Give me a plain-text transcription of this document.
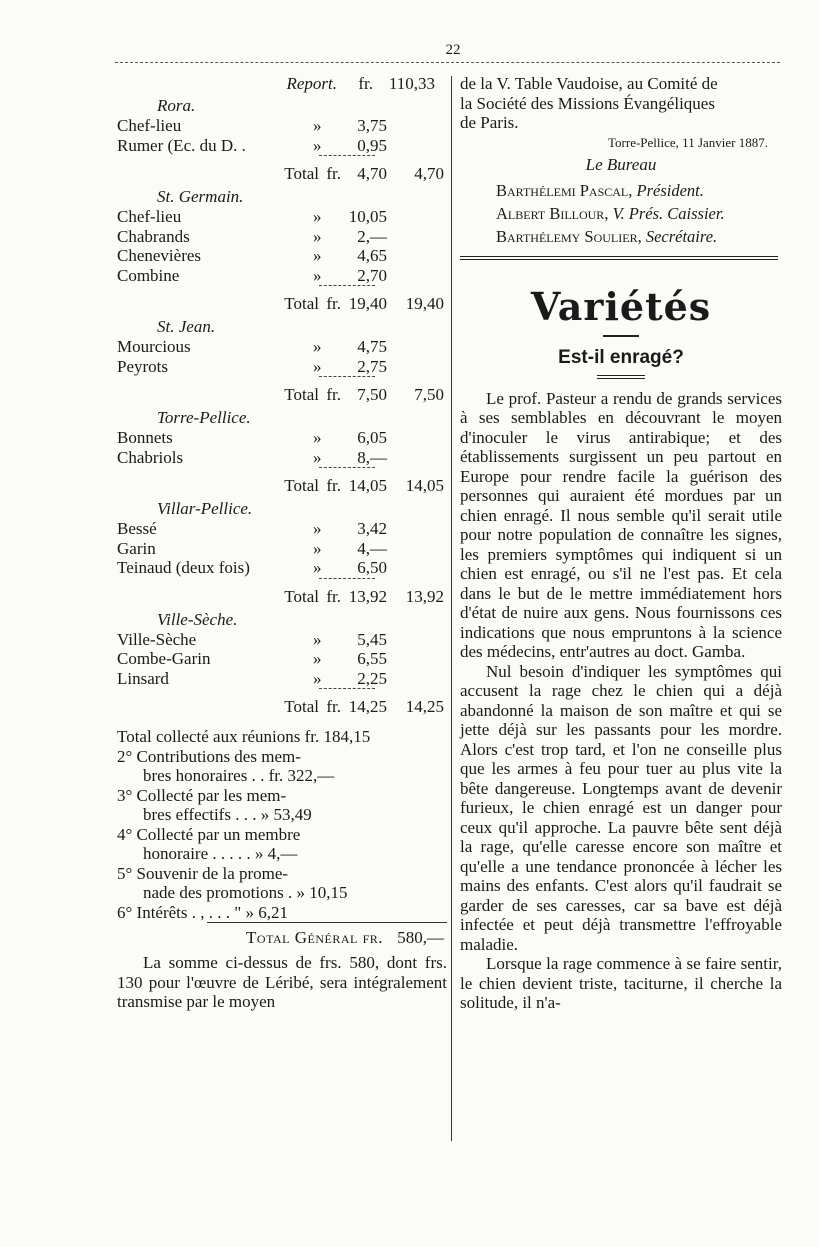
22
Report. fr. 110,33
Rora.
Chef-lieu	» 3,75
Rumer (Ec. du D. .	» 0,95
Total fr. 4,70 4,70
St. Germain.
Chef-lieu	» 10,05
Chabrands	» 2,—
Chenevières	» 4,65
Combine	» 2,70
Total fr. 19,40 19,40
St. Jean.
Mourcious	» 4,75
Peyrots	» 2,75
Total fr. 7,50 7,50
Torre-Pellice.
Bonnets	» 6,05
Chabriols	» 8,—
Total fr. 14,05 14,05
Villar-Pellice.
Bessé	» 3,42
Garin	» 4,—
Teinaud (deux fois)	» 6,50
Total fr. 13,92 13,92
Ville-Sèche.
Ville-Sèche	» 5,45
Combe-Garin	» 6,55
Linsard	» 2,25
Total fr. 14,25 14,25
Total collecté aux réunions fr. 184,15
2° Contributions des mem-
bres honoraires . . fr. 322,—
3° Collecté par les mem-
bres effectifs . . . » 53,49
4° Collecté par un membre
honoraire . . . . . » 4,—
5° Souvenir de la prome-
nade des promotions . » 10,15
6° Intérêts . , . . . " » 6,21
Total Général fr. 580,—

La somme ci-dessus de frs. 580, dont frs. 130 pour l'œuvre de Léribé, sera intégralement transmise par le moyen

de la V. Table Vaudoise, au Comité de
la Société des Missions Évangéliques
de Paris.
Torre-Pellice, 11 Janvier 1887.
Le Bureau
Barthélemi Pascal, Président.
Albert Billour, V. Prés. Caissier.
Barthélemy Soulier, Secrétaire.
Variétés
Est-il enragé?

Le prof. Pasteur a rendu de grands services à ses semblables en découvrant le moyen d'inoculer le virus antirabique; et des établissements surgissent un peu partout en Europe pour rendre facile la guérison des personnes qui auraient été mordues par un chien enragé. Il nous semble qu'il serait utile pour notre population de connaître les signes, les premiers symptômes qui indiquent si un chien est enragé, ou s'il ne l'est pas. Et cela dans le but de le mettre immédiatement hors d'état de nuire aux gens. Nous fournissons ces indications que nous empruntons à la science des médecins, entr'autres au doct. Gamba.

Nul besoin d'indiquer les symptômes qui accusent la rage chez le chien qui a déjà abandonné la maison de son maître et qui se jette déjà sur les passants pour les mordre. Alors c'est trop tard, et l'on ne conseille plus que les armes à feu pour tuer au plus vite la bête dangereuse. Longtemps avant de devenir furieux, le chien enragé est un danger pour ceux qu'il approche. La pauvre bête sent déjà la rage, qu'elle caresse encore son maître et qu'elle a une tendance prononcée à lécher les mains des enfants. C'est alors qu'il faudrait se garder de ses caresses, car sa bave est déjà infectée et peut déjà transmettre l'effroyable maladie.

Lorsque la rage commence à se faire sentir, le chien devient triste, taciturne, il cherche la solitude, il n'a-
